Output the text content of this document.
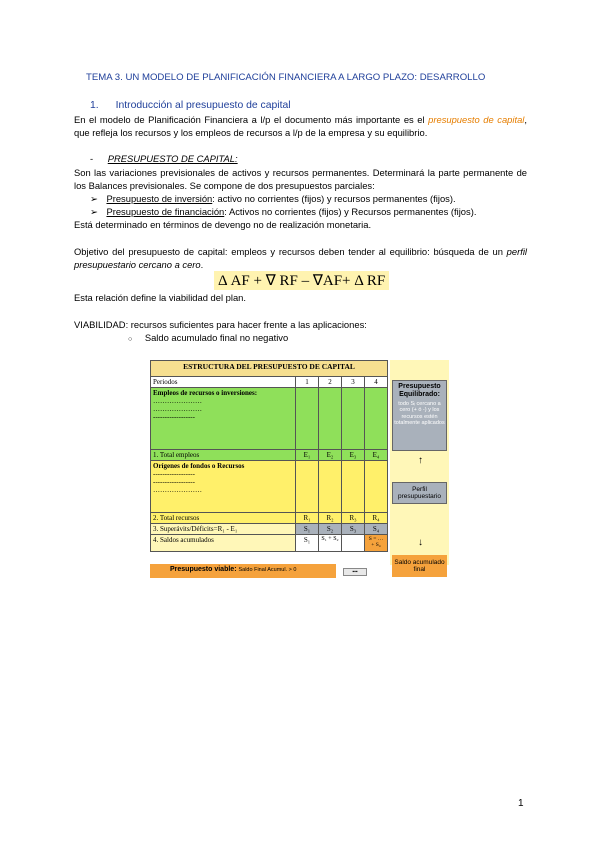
TEMA 3. UN MODELO DE PLANIFICACIÓN FINANCIERA A LARGO PLAZO: DESARROLLO
1. Introducción al presupuesto de capital
En el modelo de Planificación Financiera a l/p el documento más importante es el presupuesto de capital, que refleja los recursos y los empleos de recursos a l/p de la empresa y su equilibrio.
- PRESUPUESTO DE CAPITAL:
Son las variaciones previsionales de activos y recursos permanentes. Determinará la parte permanente de los Balances previsionales. Se compone de dos presupuestos parciales:
➢ Presupuesto de inversión: activo no corrientes (fijos) y recursos permanentes (fijos).
➢ Presupuesto de financiación: Activos no corrientes (fijos) y Recursos permanentes (fijos).
Está determinado en términos de devengo no de realización monetaria.
Objetivo del presupuesto de capital: empleos y recursos deben tender al equilibrio: búsqueda de un perfil presupuestario cercano a cero.
Δ AF + ∇ RF – ∇AF+ Δ RF
Esta relación define la viabilidad del plan.
VIABILIDAD: recursos suficientes para hacer frente a las aplicaciones:
○ Saldo acumulado final no negativo
ESTRUCTURA DEL PRESUPUESTO DE CAPITAL				
Periodos	1	2	3	4

Empleos de recursos o inversiones:
…………………
…………………
------------------				

1. Total empleos	E₁	E₂	E₃	E₄

Orígenes de fondos o Recursos
------------------
------------------
…………………				

2. Total recursos	R₁	R₂	R₃	R₄
3. Superávits/Déficits=R₁ - E₁	S₁	S₂	S₃	S₄
4. Saldos acumulados	S₁	S₁ + S₂		S = … + S₄
Presupuesto Equilibrado:
todo Sᵢ cercano a cero (+ ó -) y los recursos estén totalmente aplicados
↑
Perfil presupuestario
↓
Saldo acumulado final
Presupuesto viable: Saldo Final Acumul. > 0	▪▪▪
1
